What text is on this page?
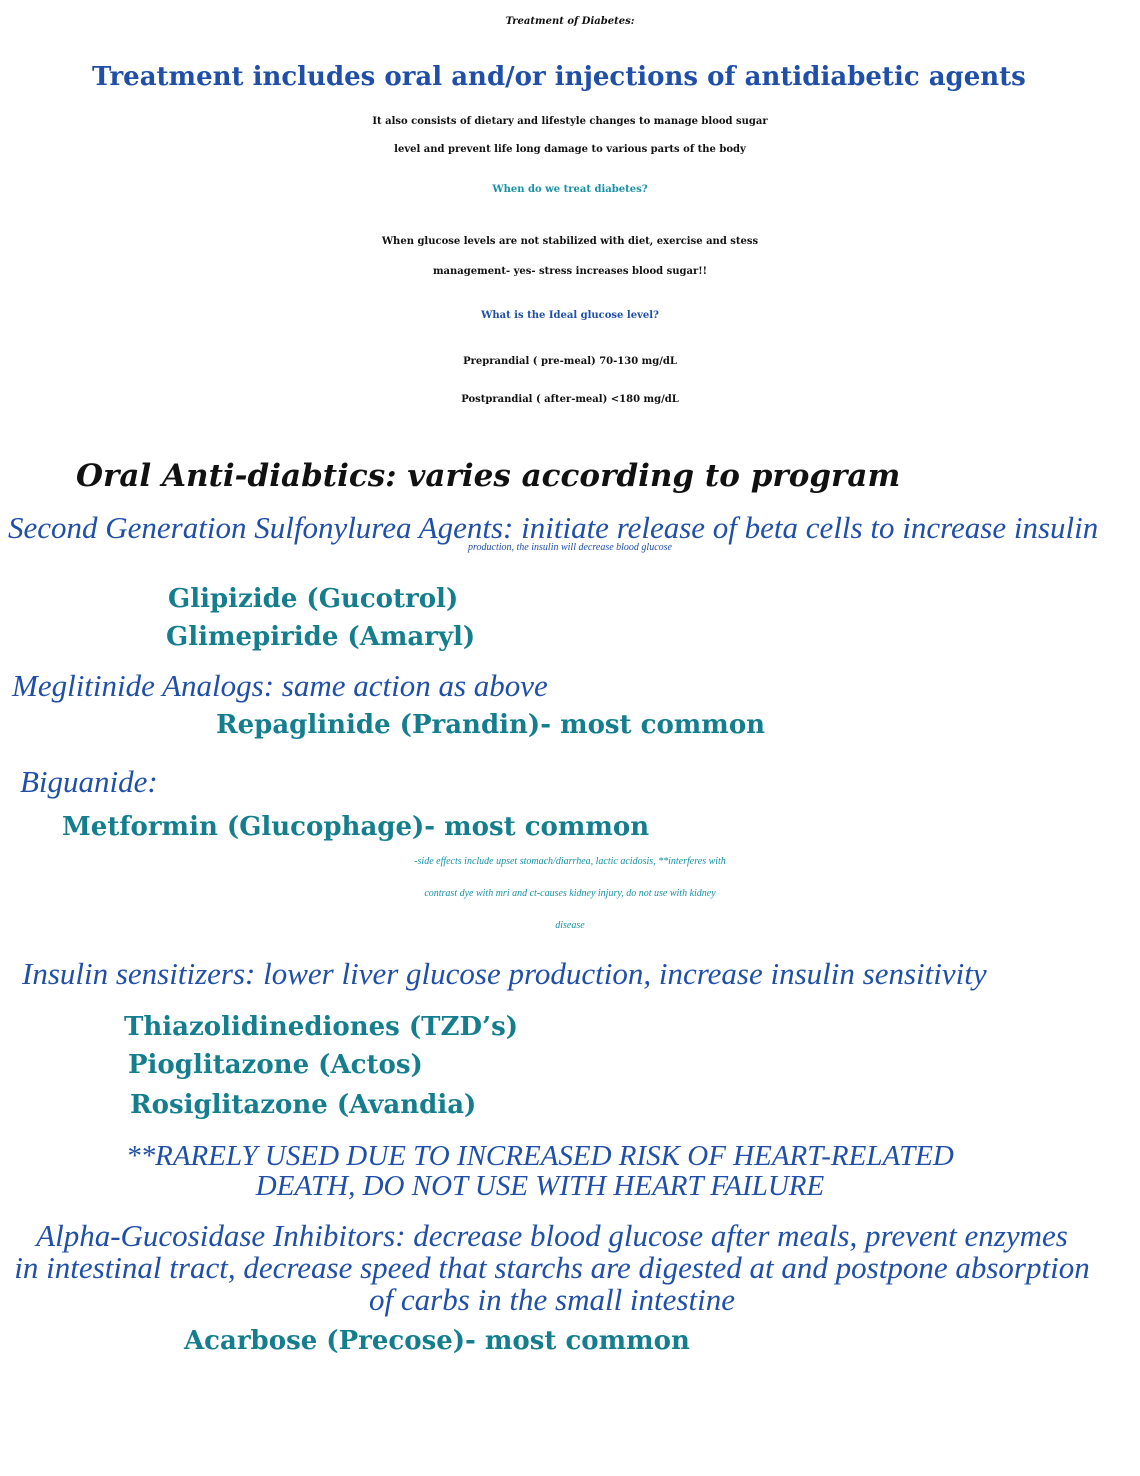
Treatment of Diabetes:

Treatment includes oral and/or injections of antidiabetic agents

It also consists of dietary and lifestyle changes to manage blood sugar

level and prevent life long damage to various parts of the body

When do we treat diabetes?

When glucose levels are not stabilized with diet, exercise and stess

management- yes- stress increases blood sugar!!

What is the Ideal glucose level?

Preprandial ( pre-meal) 70-130 mg/dL

Postprandial ( after-meal) <180 mg/dL

Oral Anti-diabtics: varies according to program

Second Generation Sulfonylurea Agents: initiate release of beta cells to increase insulin

production, the insulin will decrease blood glucose

Glipizide (Gucotrol)

Glimepiride (Amaryl)

Meglitinide Analogs: same action as above

Repaglinide (Prandin)- most common

Biguanide:

Metformin (Glucophage)- most common

-side effects include upset stomach/diarrhea, lactic acidosis, **interferes with

contrast dye with mri and ct-causes kidney injury, do not use with kidney

disease

Insulin sensitizers: lower liver glucose production, increase insulin sensitivity

Thiazolidinediones (TZD’s)

Pioglitazone (Actos)

Rosiglitazone (Avandia)

**RARELY USED DUE TO INCREASED RISK OF HEART-RELATED

DEATH, DO NOT USE WITH HEART FAILURE

Alpha-Gucosidase Inhibitors: decrease blood glucose after meals, prevent enzymes

in intestinal tract, decrease speed that starchs are digested at and postpone absorption

of carbs in the small intestine

Acarbose (Precose)- most common
